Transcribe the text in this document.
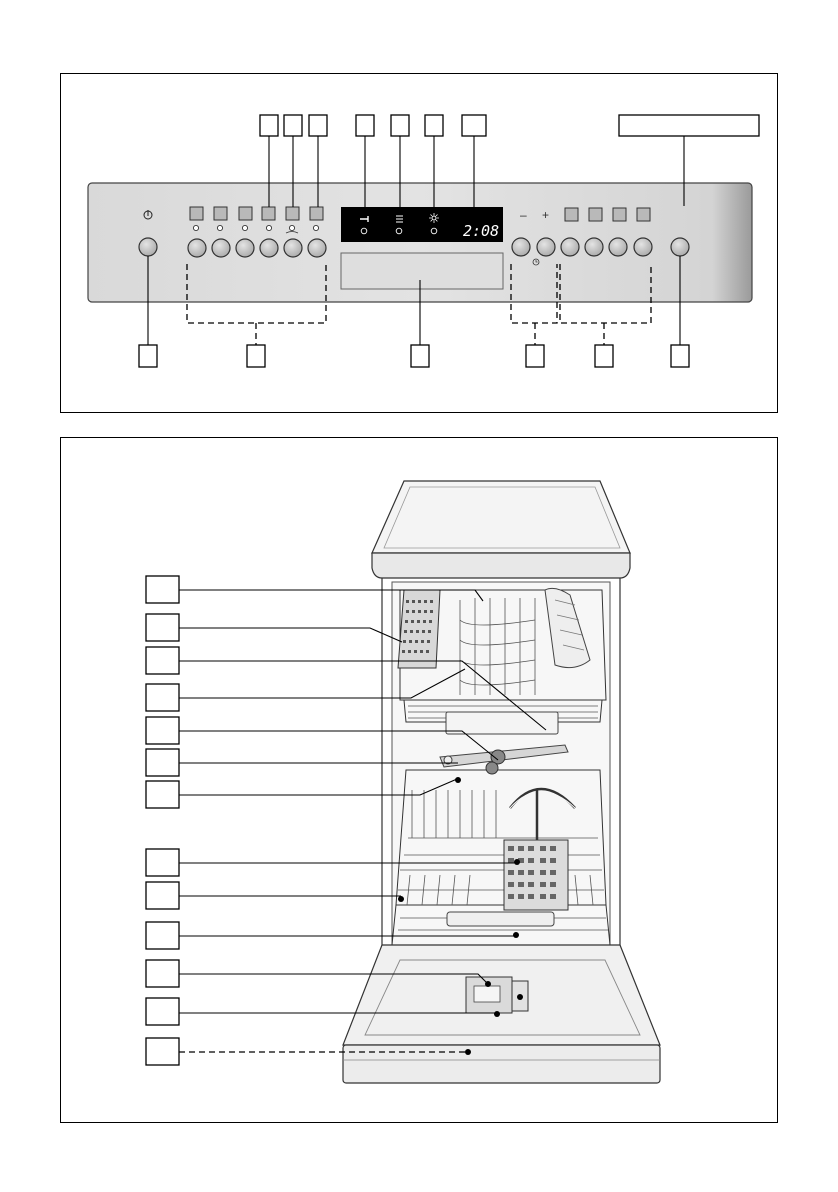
2:08
– +
